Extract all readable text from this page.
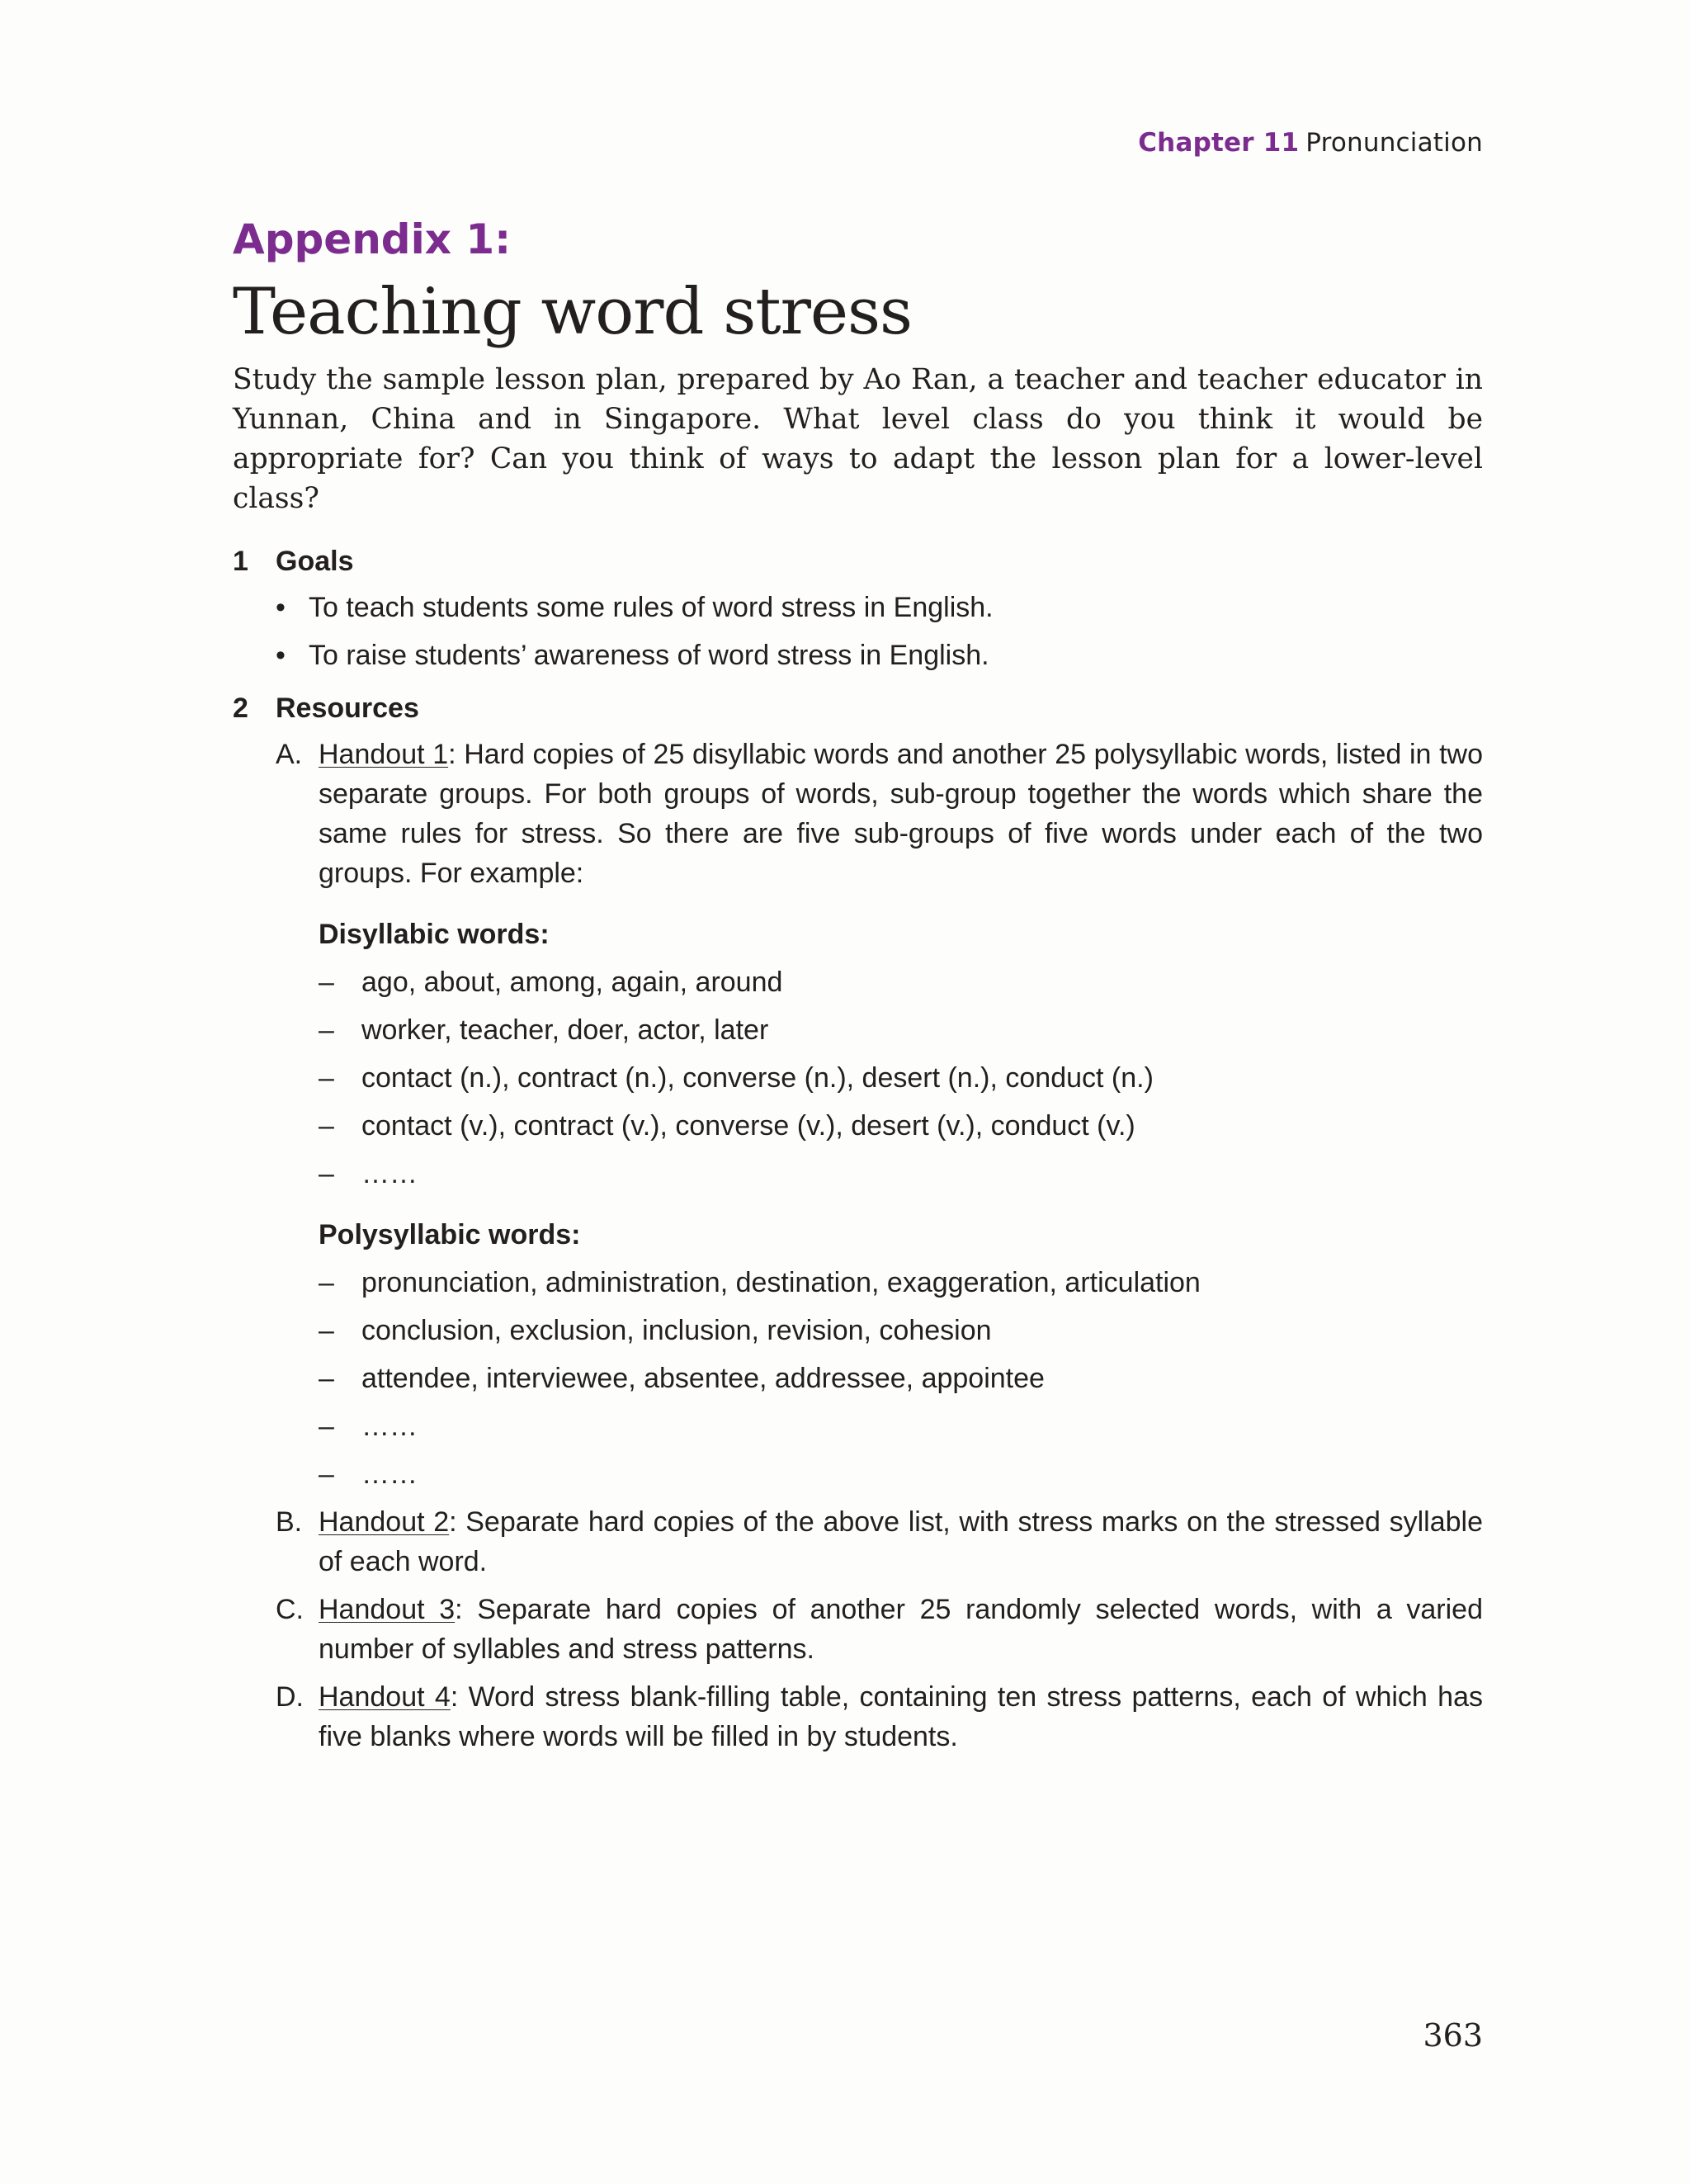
Chapter 11 Pronunciation
Appendix 1:
Teaching word stress

Study the sample lesson plan, prepared by Ao Ran, a teacher and teacher educator in Yunnan, China and in Singapore. What level class do you think it would be appropriate for? Can you think of ways to adapt the lesson plan for a lower-level class?

1 Goals
• To teach students some rules of word stress in English.
• To raise students’ awareness of word stress in English.
2 Resources
A. Handout 1: Hard copies of 25 disyllabic words and another 25 polysyllabic words, listed in two separate groups. For both groups of words, sub-group together the words which share the same rules for stress. So there are five sub-groups of five words under each of the two groups. For example:
Disyllabic words:
– ago, about, among, again, around
– worker, teacher, doer, actor, later
– contact (n.), contract (n.), converse (n.), desert (n.), conduct (n.)
– contact (v.), contract (v.), converse (v.), desert (v.), conduct (v.)
– ……
Polysyllabic words:
– pronunciation, administration, destination, exaggeration, articulation
– conclusion, exclusion, inclusion, revision, cohesion
– attendee, interviewee, absentee, addressee, appointee
– ……
– ……
B. Handout 2: Separate hard copies of the above list, with stress marks on the stressed syllable of each word.
C. Handout 3: Separate hard copies of another 25 randomly selected words, with a varied number of syllables and stress patterns.
D. Handout 4: Word stress blank-filling table, containing ten stress patterns, each of which has five blanks where words will be filled in by students.
363
